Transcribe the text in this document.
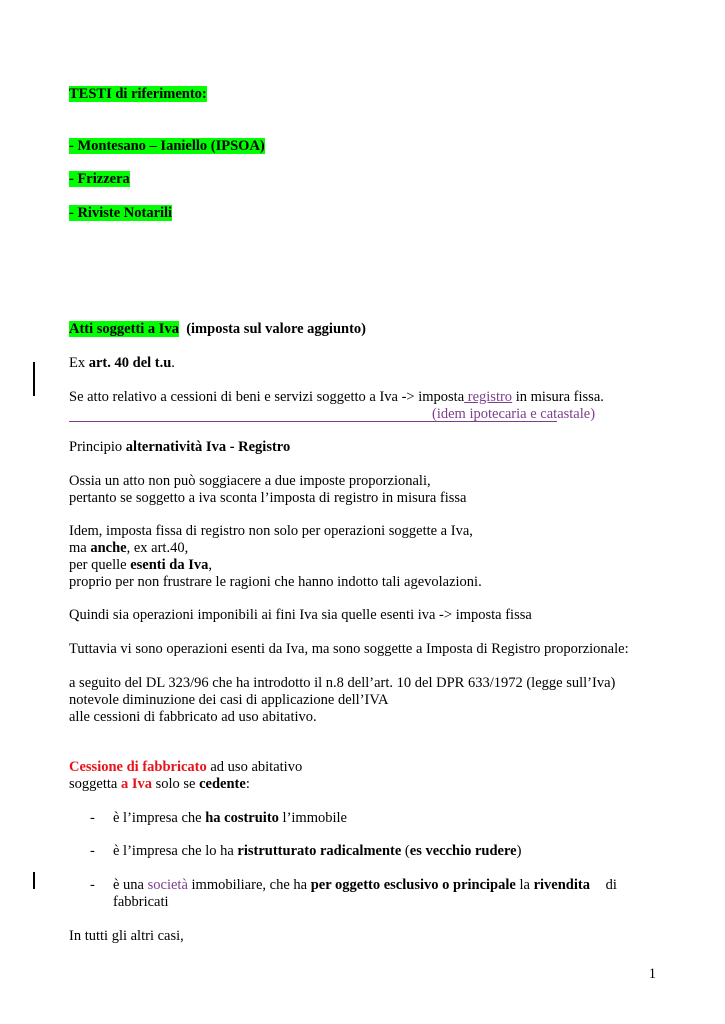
TESTI di riferimento:
- Montesano – Ianiello (IPSOA)
- Frizzera
- Riviste Notarili
Atti soggetti a Iva (imposta sul valore aggiunto)
Ex art. 40 del t.u.
Se atto relativo a cessioni di beni e servizi soggetto a Iva -> imposta registro in misura fissa.
(idem ipotecaria e catastale)
Principio alternatività Iva - Registro
Ossia un atto non può soggiacere a due imposte proporzionali,
pertanto se soggetto a iva sconta l’imposta di registro in misura fissa
Idem, imposta fissa di registro non solo per operazioni soggette a Iva,
ma anche, ex art.40,
per quelle esenti da Iva,
proprio per non frustrare le ragioni che hanno indotto tali agevolazioni.
Quindi sia operazioni imponibili ai fini Iva sia quelle esenti iva -> imposta fissa
Tuttavia vi sono operazioni esenti da Iva, ma sono soggette a Imposta di Registro proporzionale:
a seguito del DL 323/96 che ha introdotto il n.8 dell’art. 10 del DPR 633/1972 (legge sull’Iva)
notevole diminuzione dei casi di applicazione dell’IVA
alle cessioni di fabbricato ad uso abitativo.
Cessione di fabbricato ad uso abitativo
soggetta a Iva solo se cedente:
- è l’impresa che ha costruito l’immobile
- è l’impresa che lo ha ristrutturato radicalmente (es vecchio rudere)
- è una società immobiliare, che ha per oggetto esclusivo o principale la rivendita di
fabbricati
In tutti gli altri casi,
1
